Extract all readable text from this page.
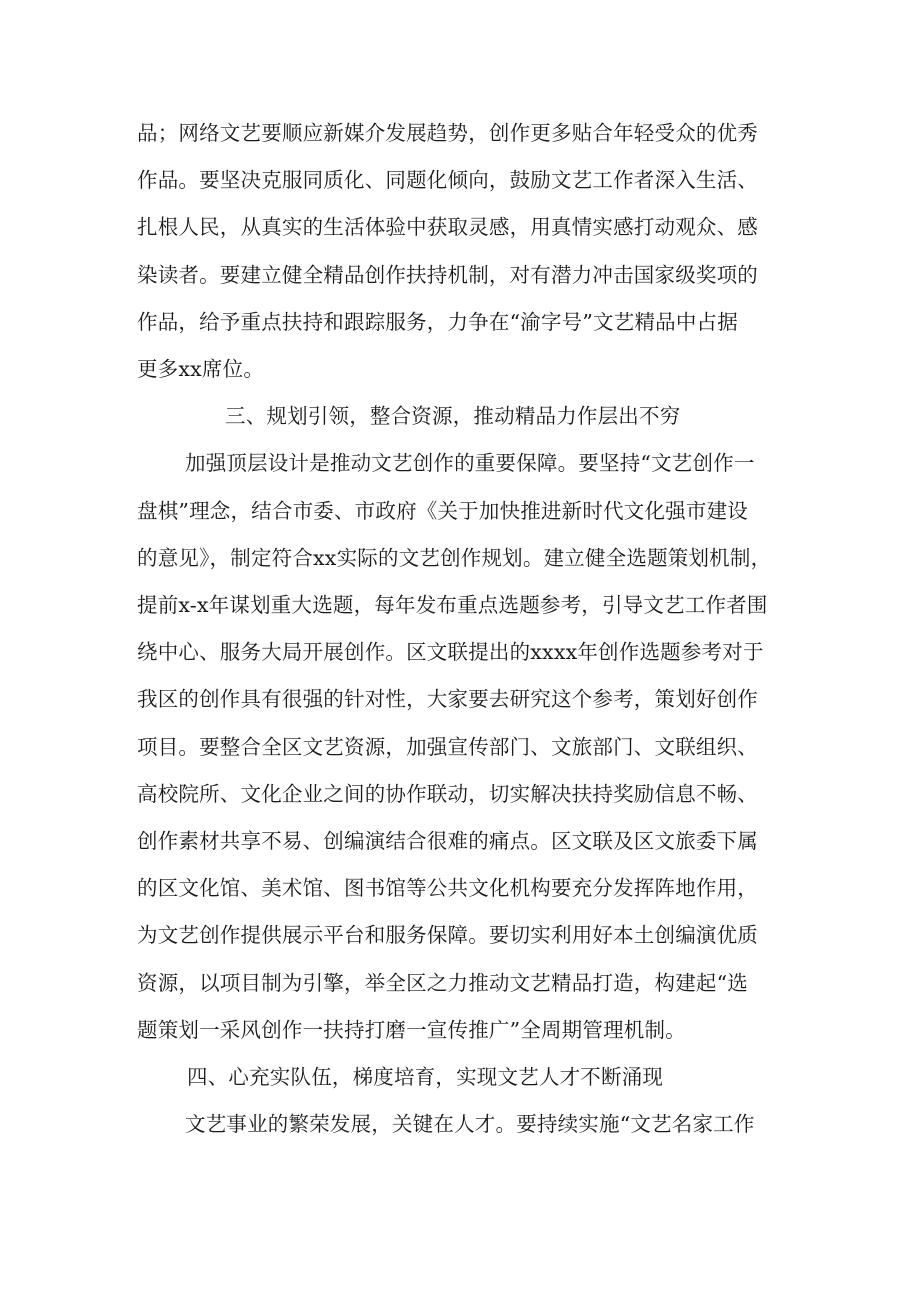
品；网络文艺要顺应新媒介发展趋势，创作更多贴合年轻受众的优秀
作品。要坚决克服同质化、同题化倾向，鼓励文艺工作者深入生活、
扎根人民，从真实的生活体验中获取灵感，用真情实感打动观众、感
染读者。要建立健全精品创作扶持机制，对有潜力冲击国家级奖项的
作品，给予重点扶持和跟踪服务，力争在“渝字号”文艺精品中占据
更多xx席位。
三、规划引领，整合资源，推动精品力作层出不穷
加强顶层设计是推动文艺创作的重要保障。要坚持“文艺创作一
盘棋”理念，结合市委、市政府《关于加快推进新时代文化强市建设
的意见》，制定符合xx实际的文艺创作规划。建立健全选题策划机制，
提前x-x年谋划重大选题，每年发布重点选题参考，引导文艺工作者围
绕中心、服务大局开展创作。区文联提出的xxxx年创作选题参考对于
我区的创作具有很强的针对性，大家要去研究这个参考，策划好创作
项目。要整合全区文艺资源，加强宣传部门、文旅部门、文联组织、
高校院所、文化企业之间的协作联动，切实解决扶持奖励信息不畅、
创作素材共享不易、创编演结合很难的痛点。区文联及区文旅委下属
的区文化馆、美术馆、图书馆等公共文化机构要充分发挥阵地作用，
为文艺创作提供展示平台和服务保障。要切实利用好本土创编演优质
资源，以项目制为引擎，举全区之力推动文艺精品打造，构建起“选
题策划一采风创作一扶持打磨一宣传推广”全周期管理机制。
四、心充实队伍，梯度培育，实现文艺人才不断涌现
文艺事业的繁荣发展，关键在人才。要持续实施“文艺名家工作
